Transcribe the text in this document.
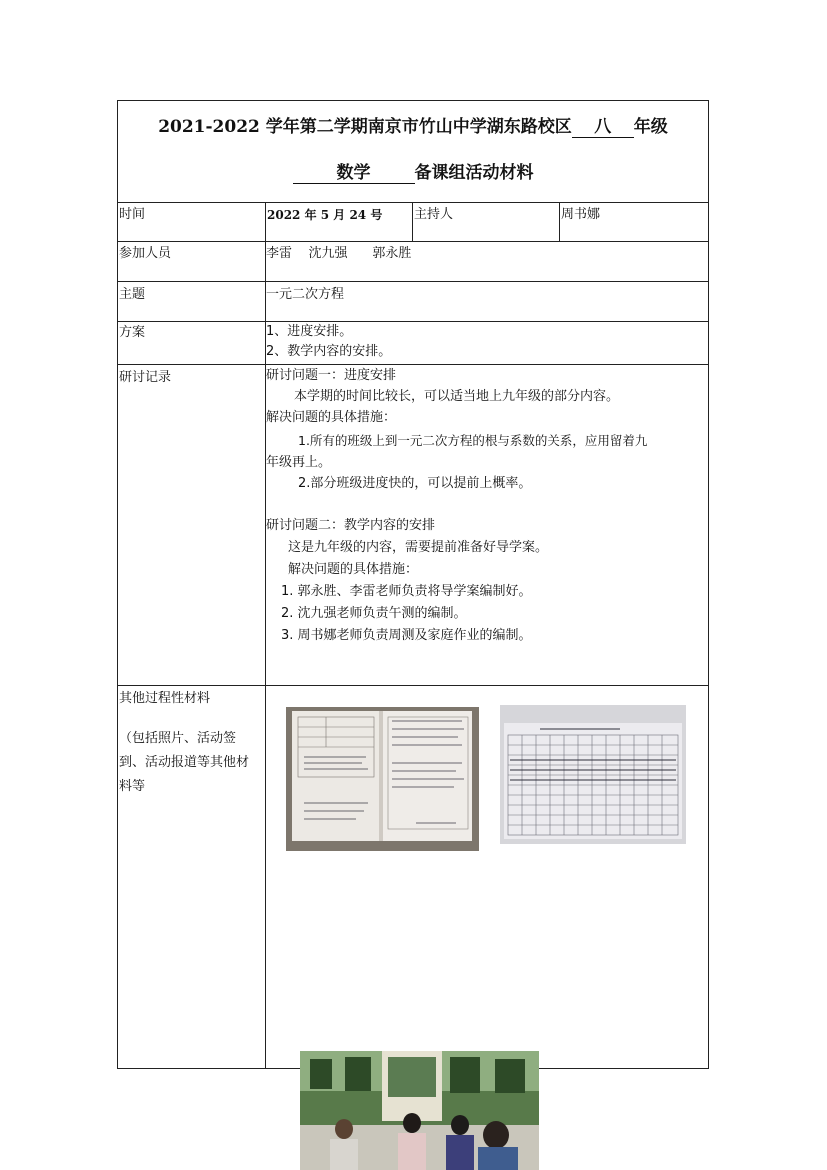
2021-2022 学年第二学期南京市竹山中学湖东路校区 八 年级
数学	备课组活动材料
时间	2022 年 5 月 24 号 主持人	周书娜
参加人员	李雷    沈九强      郭永胜
主题	一元二次方程
方案	1、进度安排。
2、教学内容的安排。
研讨记录	研讨问题一：进度安排
本学期的时间比较长，可以适当地上九年级的部分内容。
解决问题的具体措施：
1.所有的班级上到一元二次方程的根与系数的关系，应用留着九
年级再上。
2.部分班级进度快的，可以提前上概率。
研讨问题二：教学内容的安排
这是九年级的内容，需要提前准备好导学案。
解决问题的具体措施：
1. 郭永胜、李雷老师负责将导学案编制好。
2. 沈九强老师负责午测的编制。
3. 周书娜老师负责周测及家庭作业的编制。
其他过程性材料
（包括照片、活动签
到、活动报道等其他材
料等
